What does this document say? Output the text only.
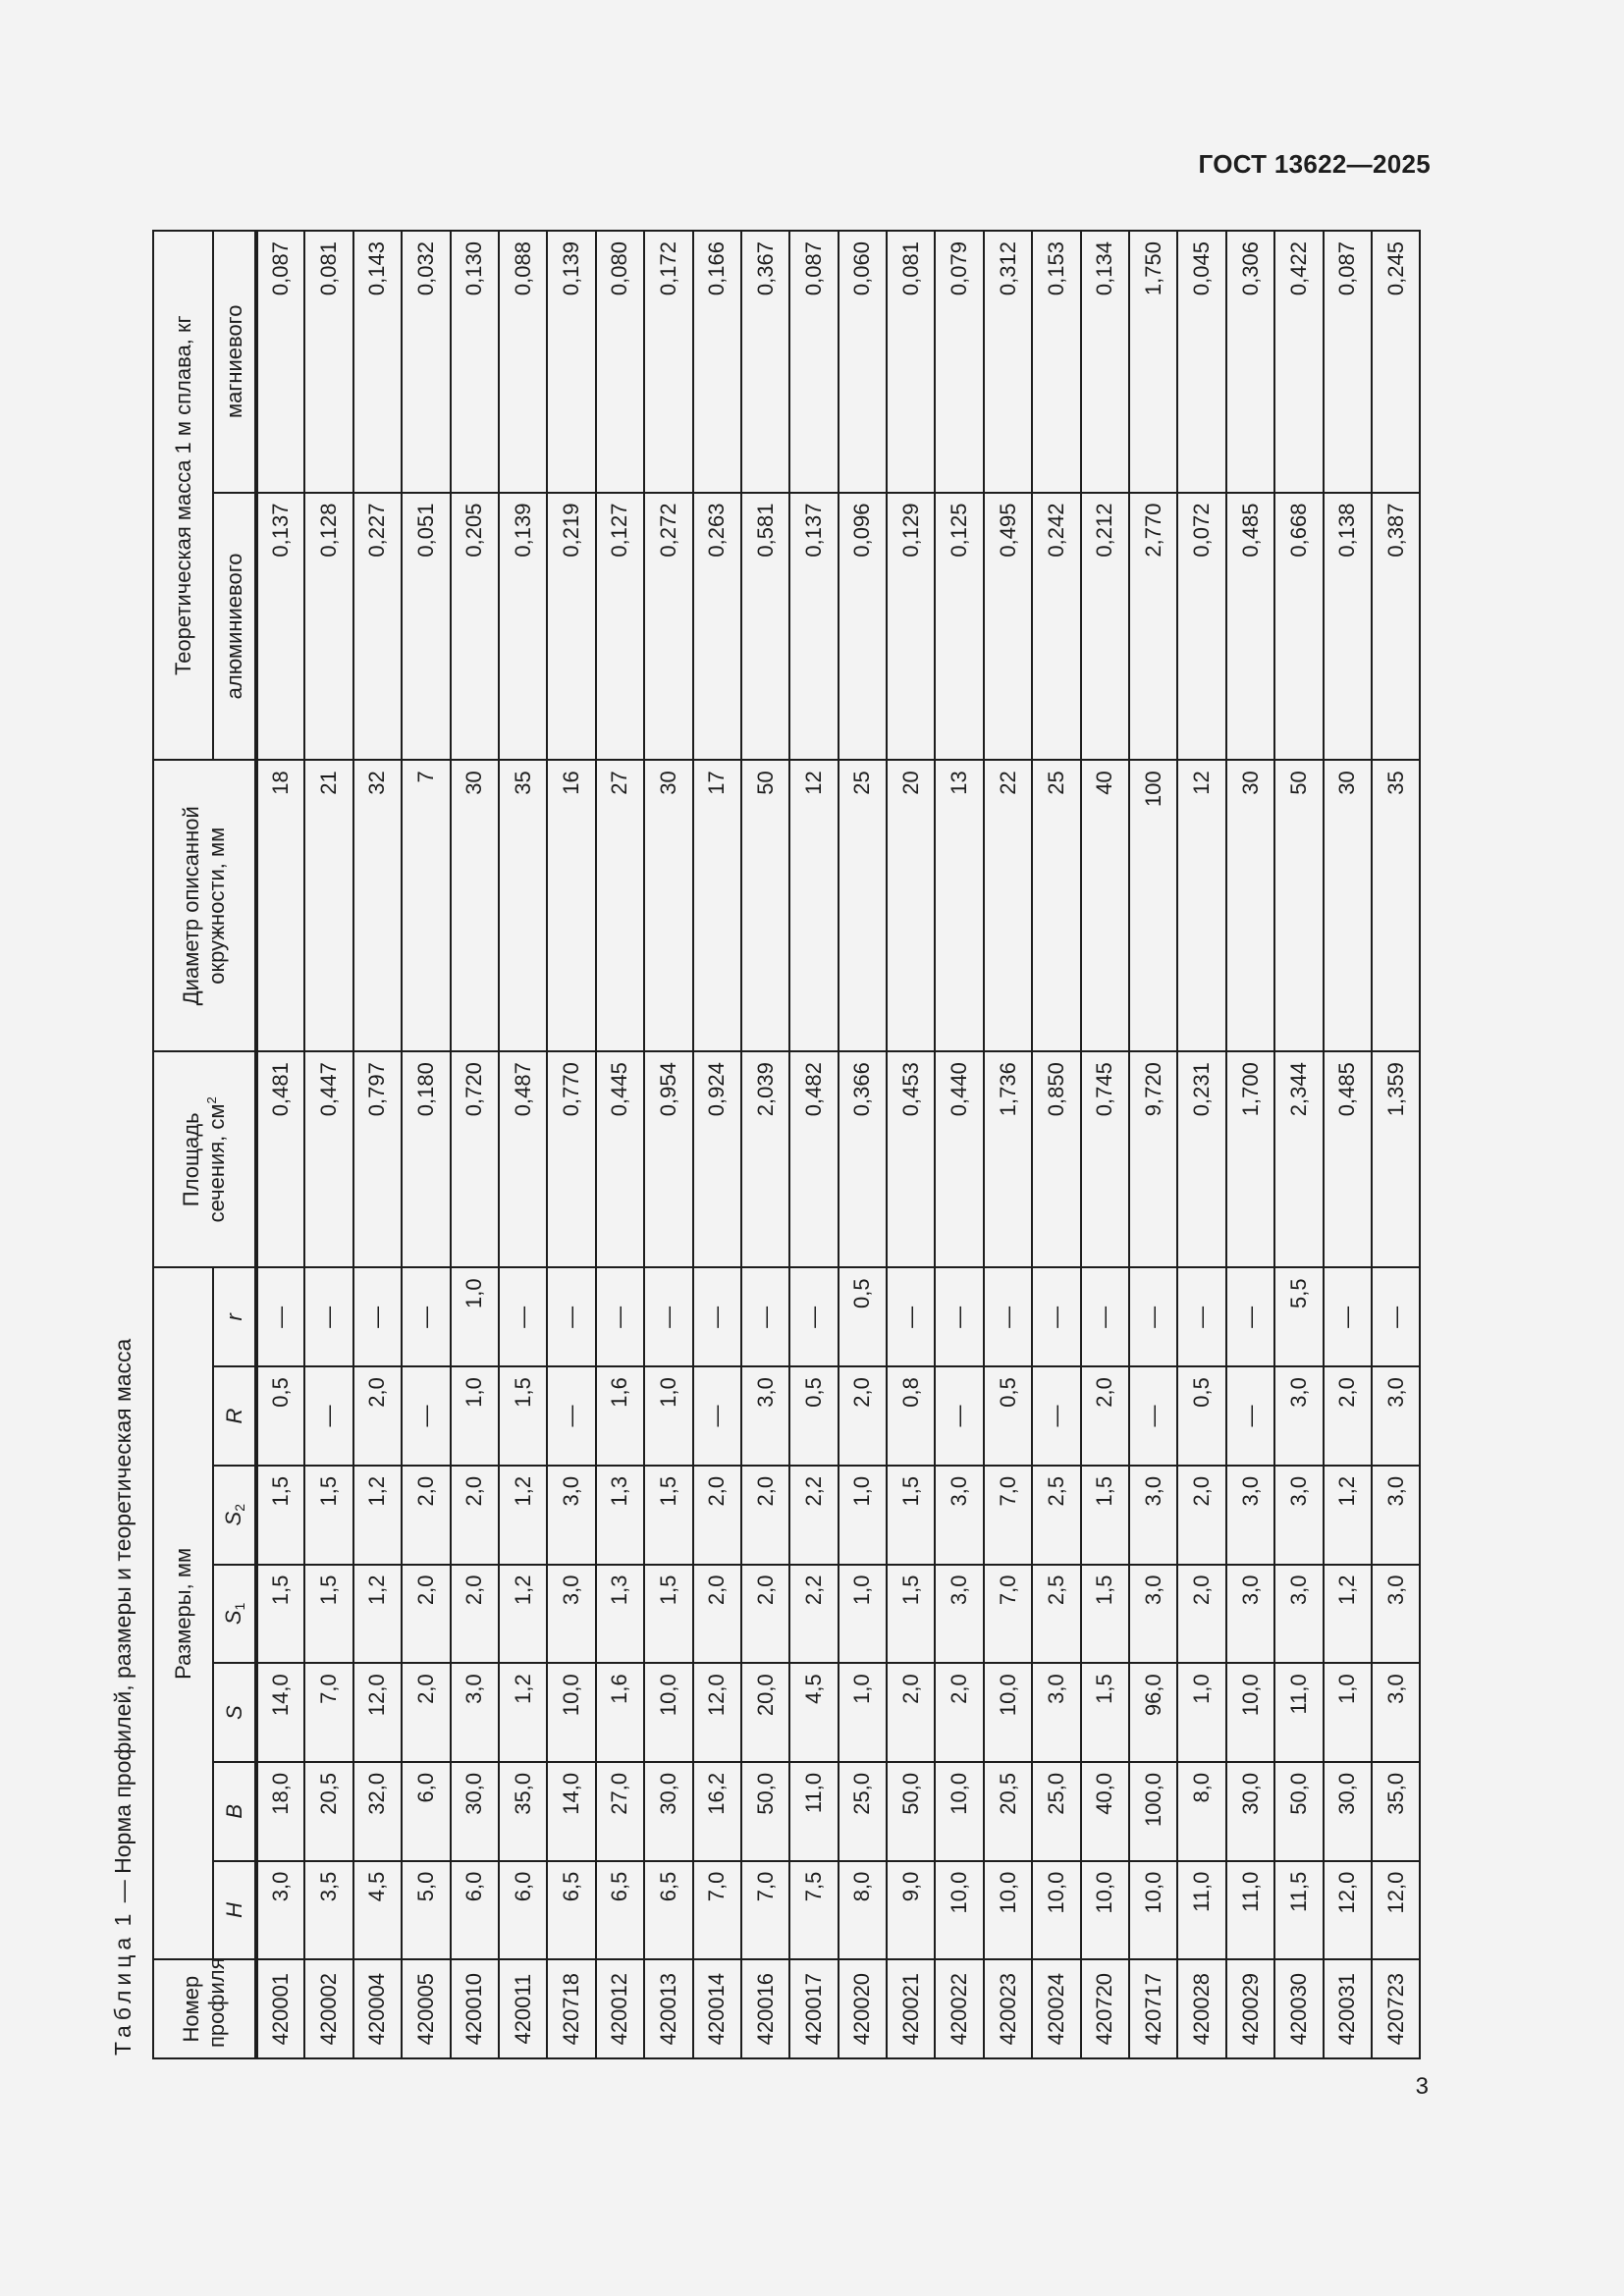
ГОСТ 13622—2025
Таблица 1 — Норма профилей, размеры и теоретическая масса
Номер профиля	Размеры, мм							Площадь
сечения, $см^2$	Диаметр описанной окружности, мм	Теоретическая масса 1 м сплава, кг	
	H	B	S	$S_1$	$S_2$	R	r			алюминиевого	магниевого
420001	3,0	18,0	14,0	1,5	1,5	0,5	—	0,481	18	0,137	0,087
420002	3,5	20,5	7,0	1,5	1,5	—	—	0,447	21	0,128	0,081
420004	4,5	32,0	12,0	1,2	1,2	2,0	—	0,797	32	0,227	0,143
420005	5,0	6,0	2,0	2,0	2,0	—	—	0,180	7	0,051	0,032
420010	6,0	30,0	3,0	2,0	2,0	1,0	1,0	0,720	30	0,205	0,130
420011	6,0	35,0	1,2	1,2	1,2	1,5	—	0,487	35	0,139	0,088
420718	6,5	14,0	10,0	3,0	3,0	—	—	0,770	16	0,219	0,139
420012	6,5	27,0	1,6	1,3	1,3	1,6	—	0,445	27	0,127	0,080
420013	6,5	30,0	10,0	1,5	1,5	1,0	—	0,954	30	0,272	0,172
420014	7,0	16,2	12,0	2,0	2,0	—	—	0,924	17	0,263	0,166
420016	7,0	50,0	20,0	2,0	2,0	3,0	—	2,039	50	0,581	0,367
420017	7,5	11,0	4,5	2,2	2,2	0,5	—	0,482	12	0,137	0,087
420020	8,0	25,0	1,0	1,0	1,0	2,0	0,5	0,366	25	0,096	0,060
420021	9,0	50,0	2,0	1,5	1,5	0,8	—	0,453	20	0,129	0,081
420022	10,0	10,0	2,0	3,0	3,0	—	—	0,440	13	0,125	0,079
420023	10,0	20,5	10,0	7,0	7,0	0,5	—	1,736	22	0,495	0,312
420024	10,0	25,0	3,0	2,5	2,5	—	—	0,850	25	0,242	0,153
420720	10,0	40,0	1,5	1,5	1,5	2,0	—	0,745	40	0,212	0,134
420717	10,0	100,0	96,0	3,0	3,0	—	—	9,720	100	2,770	1,750
420028	11,0	8,0	1,0	2,0	2,0	0,5	—	0,231	12	0,072	0,045
420029	11,0	30,0	10,0	3,0	3,0	—	—	1,700	30	0,485	0,306
420030	11,5	50,0	11,0	3,0	3,0	3,0	5,5	2,344	50	0,668	0,422
420031	12,0	30,0	1,0	1,2	1,2	2,0	—	0,485	30	0,138	0,087
420723	12,0	35,0	3,0	3,0	3,0	3,0	—	1,359	35	0,387	0,245
3
